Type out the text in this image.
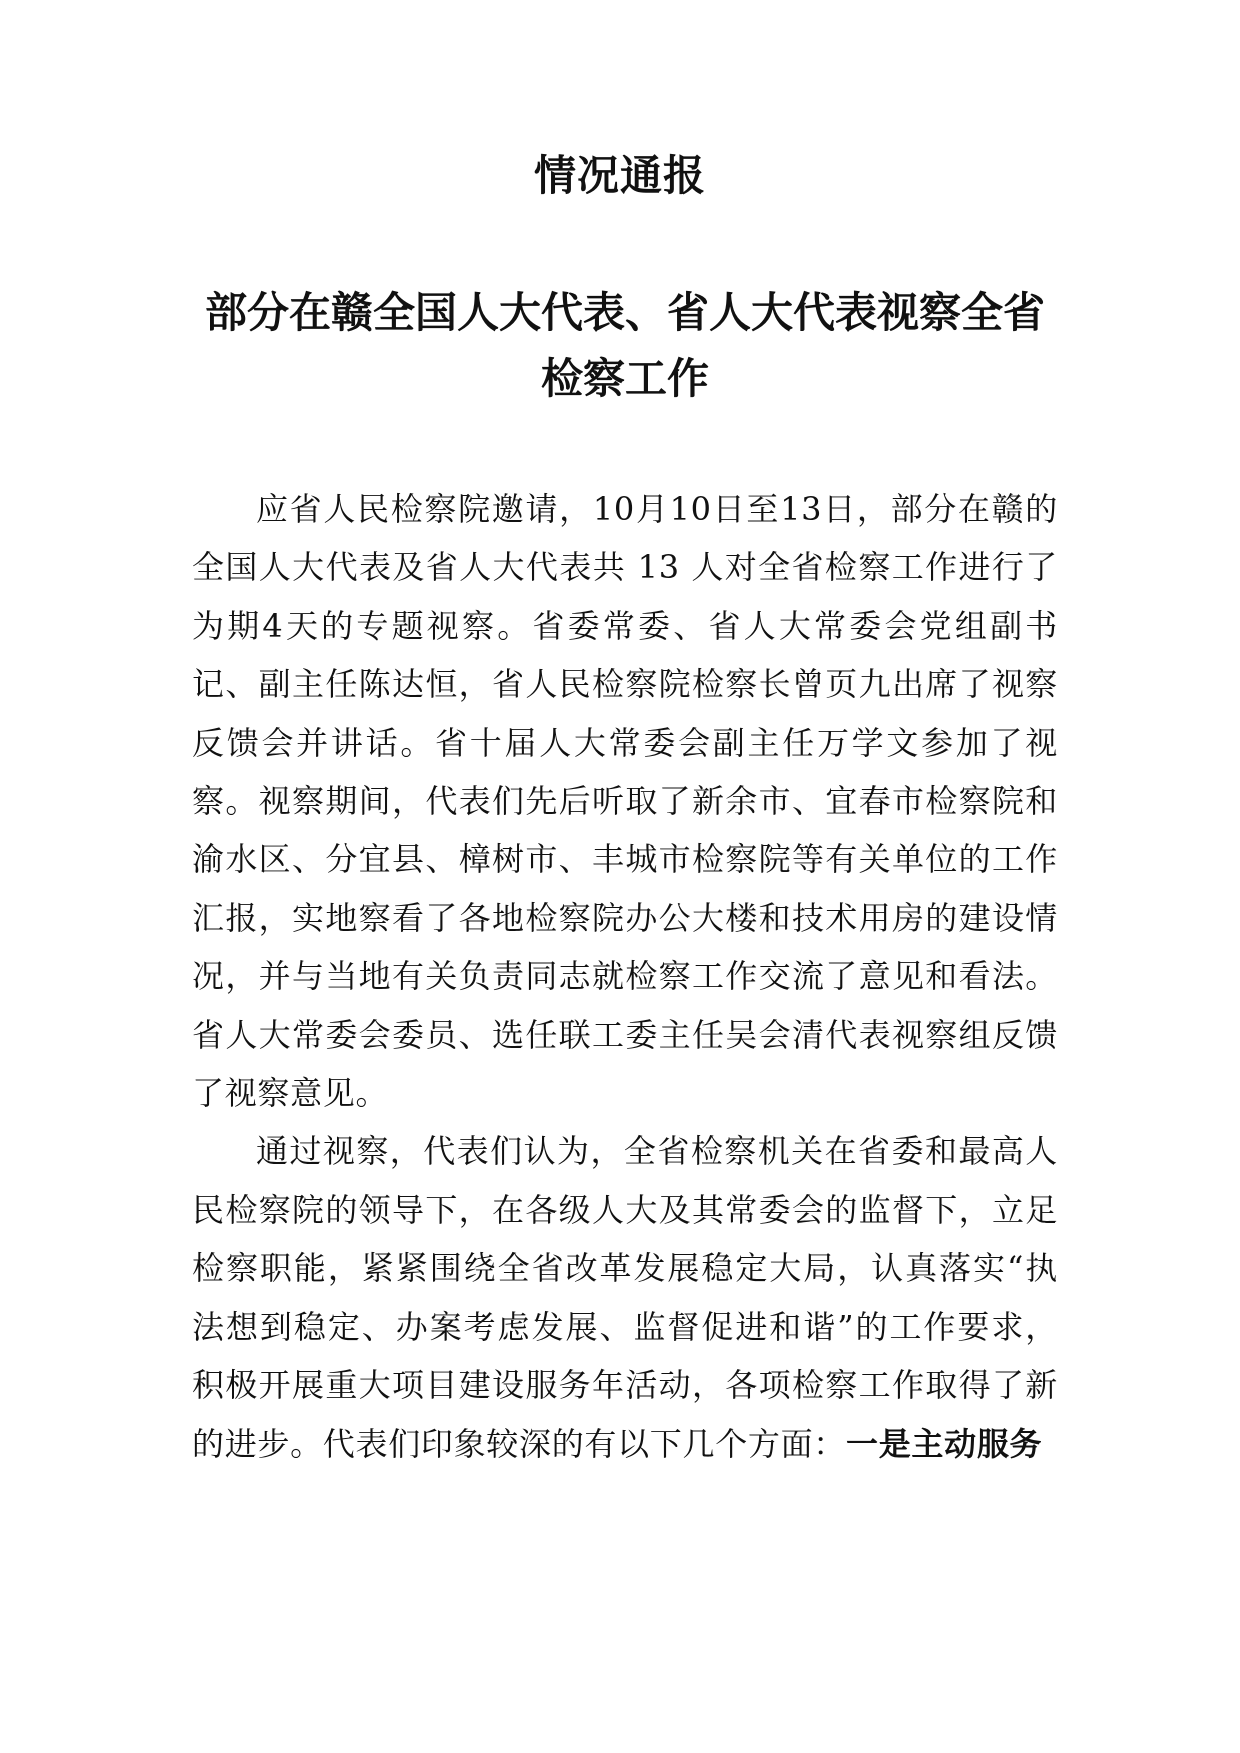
情况通报
部分在赣全国人大代表、省人大代表视察全省检察工作

应省人民检察院邀请，10月10日至13日，部分在赣的全国人大代表及省人大代表共 13 人对全省检察工作进行了为期4天的专题视察。省委常委、省人大常委会党组副书记、副主任陈达恒，省人民检察院检察长曾页九出席了视察反馈会并讲话。省十届人大常委会副主任万学文参加了视察。视察期间，代表们先后听取了新余市、宜春市检察院和渝水区、分宜县、樟树市、丰城市检察院等有关单位的工作汇报，实地察看了各地检察院办公大楼和技术用房的建设情况，并与当地有关负责同志就检察工作交流了意见和看法。省人大常委会委员、选任联工委主任吴会清代表视察组反馈了视察意见。

通过视察，代表们认为，全省检察机关在省委和最高人民检察院的领导下，在各级人大及其常委会的监督下，立足检察职能，紧紧围绕全省改革发展稳定大局，认真落实“执法想到稳定、办案考虑发展、监督促进和谐”的工作要求，积极开展重大项目建设服务年活动，各项检察工作取得了新的进步。代表们印象较深的有以下几个方面：一是主动服务
